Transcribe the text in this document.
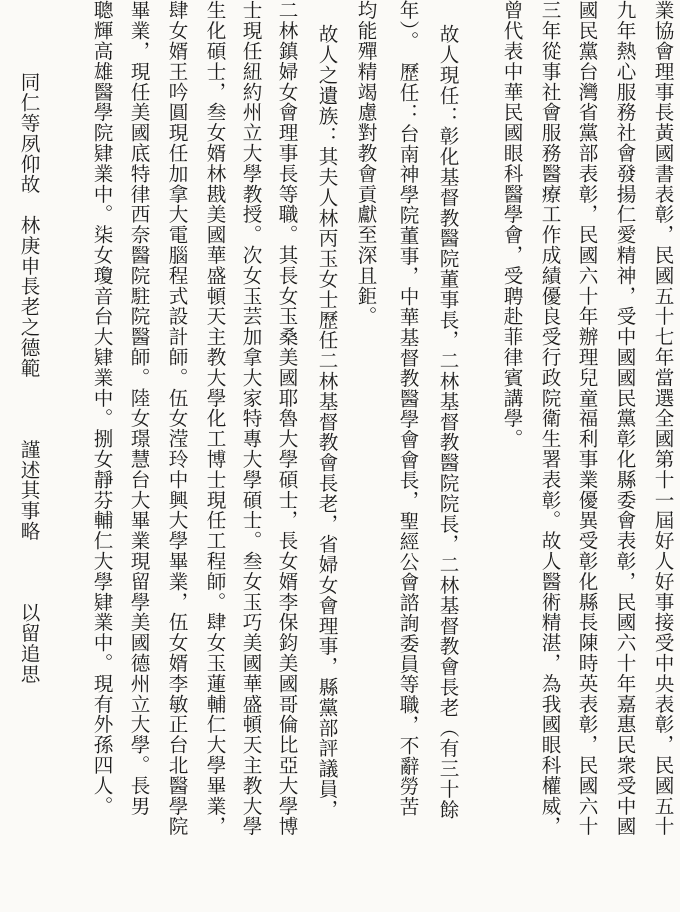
業協會理事長黃國書表彰，民國五十七年當選全國第十一屆好人好事接受中央表彰，民國五十
九年熱心服務社會發揚仁愛精神，受中國國民黨彰化縣委會表彰，民國六十年嘉惠民衆受中國
國民黨台灣省黨部表彰，民國六十年辦理兒童福利事業優異受彰化縣長陳時英表彰，民國六十
三年從事社會服務醫療工作成績優良受行政院衛生署表彰。故人醫術精湛，為我國眼科權威，
曾代表中華民國眼科醫學會，受聘赴菲律賓講學。
故人現任：彰化基督教醫院董事長，二林基督教醫院院長，二林基督教會長老（有三十餘
年）。　歷任：台南神學院董事，中華基督教醫學會會長，聖經公會諮詢委員等職，不辭勞苦
均能殫精竭慮對教會貢獻至深且鉅。
故人之遺族：其夫人林丙玉女士歷任二林基督教會長老，省婦女會理事，縣黨部評議員，
二林鎮婦女會理事長等職。其長女玉桑美國耶魯大學碩士，長女婿李保鈞美國哥倫比亞大學博
士現任紐約州立大學教授。次女玉芸加拿大家特專大學碩士。叁女玉巧美國華盛頓天主教大學
生化碩士，叁女婿林戡美國華盛頓天主教大學化工博士現任工程師。肆女玉蓮輔仁大學畢業，
肆女婿王吟圓現任加拿大電腦程式設計師。伍女滢玲中興大學畢業，伍女婿李敏正台北醫學院
畢業，現任美國底特律西奈醫院駐院醫師。陸女璟慧台大畢業現留學美國德州立大學。長男
聰輝高雄醫學院肄業中。柒女瓊音台大肄業中。捌女靜芬輔仁大學肄業中。現有外孫四人。
同仁等夙仰故　林庚申長老之德範　　　謹述其事略　　　以留追思
